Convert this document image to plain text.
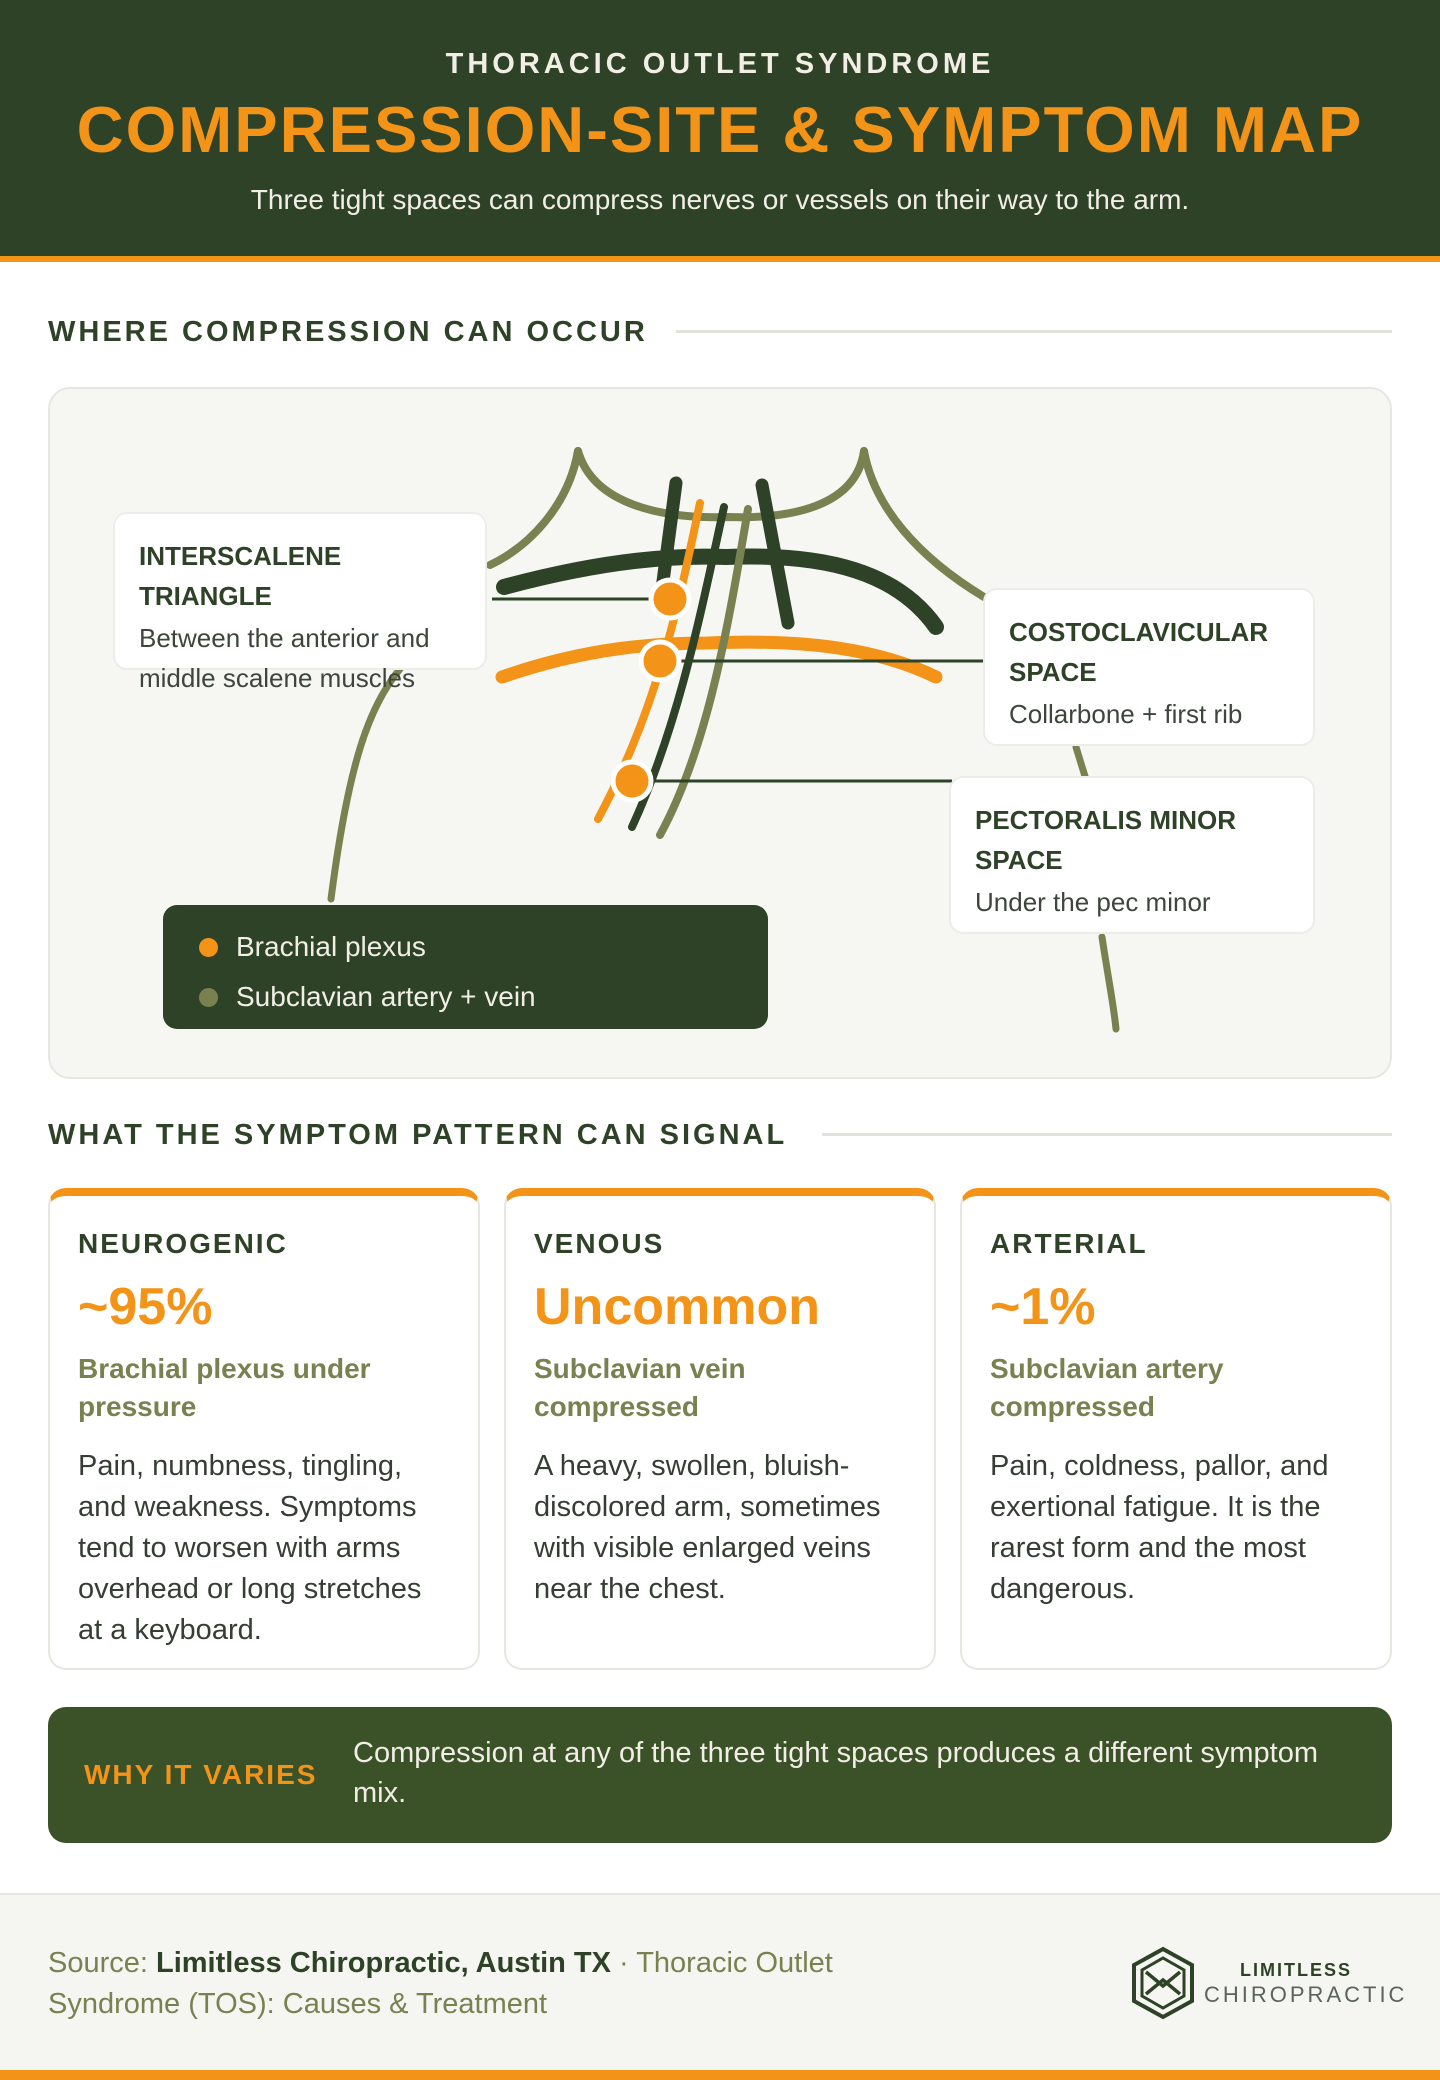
THORACIC OUTLET SYNDROME
COMPRESSION-SITE & SYMPTOM MAP
Three tight spaces can compress nerves or vessels on their way to the arm.
WHERE COMPRESSION CAN OCCUR
INTERSCALENE TRIANGLE
Between the anterior and middle scalene muscles
COSTOCLAVICULAR SPACE
Collarbone + first rib
PECTORALIS MINOR SPACE
Under the pec minor
Brachial plexus
Subclavian artery + vein
WHAT THE SYMPTOM PATTERN CAN SIGNAL
NEUROGENIC
~95%
Brachial plexus under pressure
Pain, numbness, tingling, and weakness. Symptoms tend to worsen with arms overhead or long stretches at a keyboard.
VENOUS
Uncommon
Subclavian vein compressed
A heavy, swollen, bluish-discolored arm, sometimes with visible enlarged veins near the chest.
ARTERIAL
~1%
Subclavian artery compressed
Pain, coldness, pallor, and exertional fatigue. It is the rarest form and the most dangerous.
WHY IT VARIES
Compression at any of the three tight spaces produces a different symptom mix.
Source: Limitless Chiropractic, Austin TX · Thoracic Outlet Syndrome (TOS): Causes & Treatment
LIMITLESS
CHIROPRACTIC
